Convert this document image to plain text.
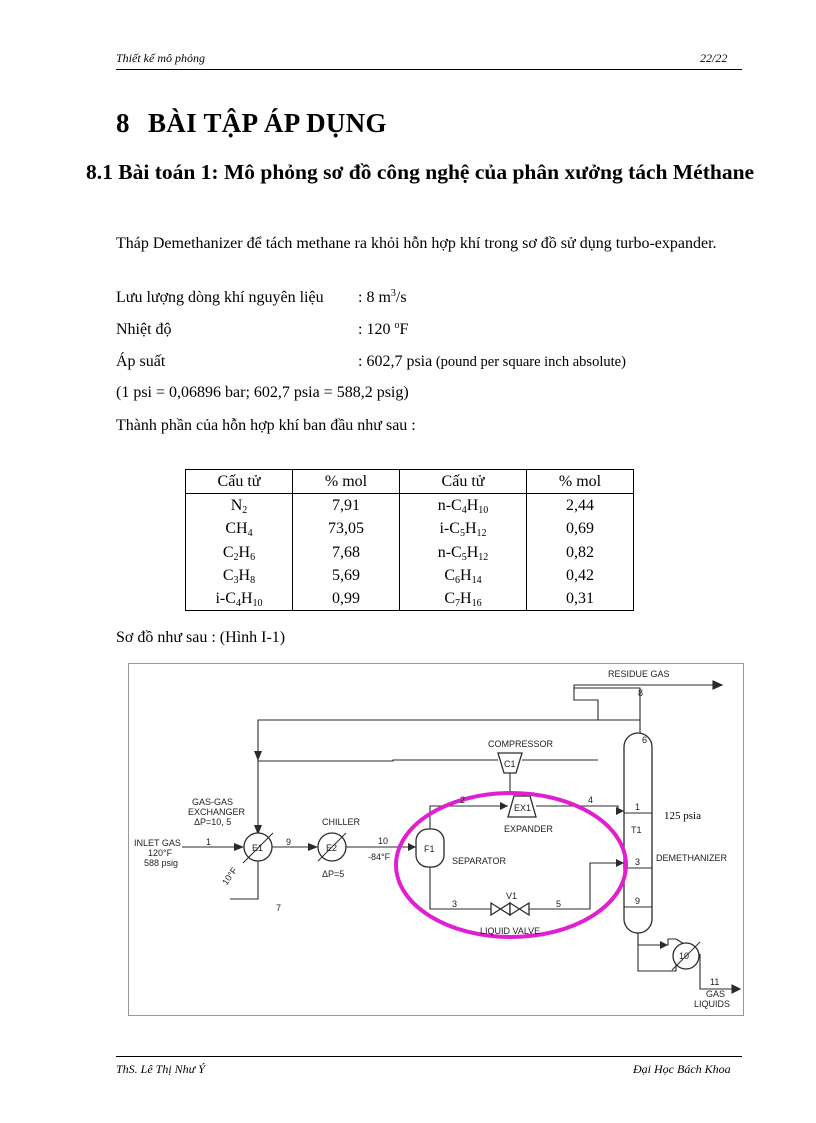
Thiết kế mô phỏng	22/22
8 BÀI TẬP ÁP DỤNG
8.1 Bài toán 1: Mô phỏng sơ đồ công nghệ của phân xưởng tách Méthane
Tháp Demethanizer để tách methane ra khỏi hỗn hợp khí trong sơ đồ sử dụng turbo-expander.
Lưu lượng dòng khí nguyên liệu : 8 $m^3/s$
Nhiệt độ	: 120 $^o$F
Áp suất	: 602,7 psia (pound per square inch absolute)
(1 psi = 0,06896 bar; 602,7 psia = 588,2 psig)
Thành phần của hỗn hợp khí ban đầu như sau :
Cấu tử	% mol	Cấu tử	% mol
$N_2$	7,91	$n-C_4H_{10}$	2,44
$CH_4$	73,05	$i-C_5H_{12}$	0,69
$C_2H_6$	7,68	$n-C_5H_{12}$	0,82
$C_3H_8$	5,69	$C_6H_{14}$	0,42
$i-C_4H_{10}$	0,99	$C_7H_{16}$	0,31
Sơ đồ như sau : (Hình I-1)
RESIDUE GAS
8
6
COMPRESSOR
C1
EX1
EXPANDER
2	4
GAS-GAS
EXCHANGER
ΔP=10, 5	CHILLER
INLET GAS
120°F
588 psig
1
E1
9
E2
10
-84°F
ΔP=5
10°F
7
F1
SEPARATOR
3
V1
5
LIQUID VALVE
1
T1
3
9
125 psia
DEMETHANIZER
10
11
GAS
LIQUIDS
ThS. Lê Thị Như Ý	Đại Học Bách Khoa
